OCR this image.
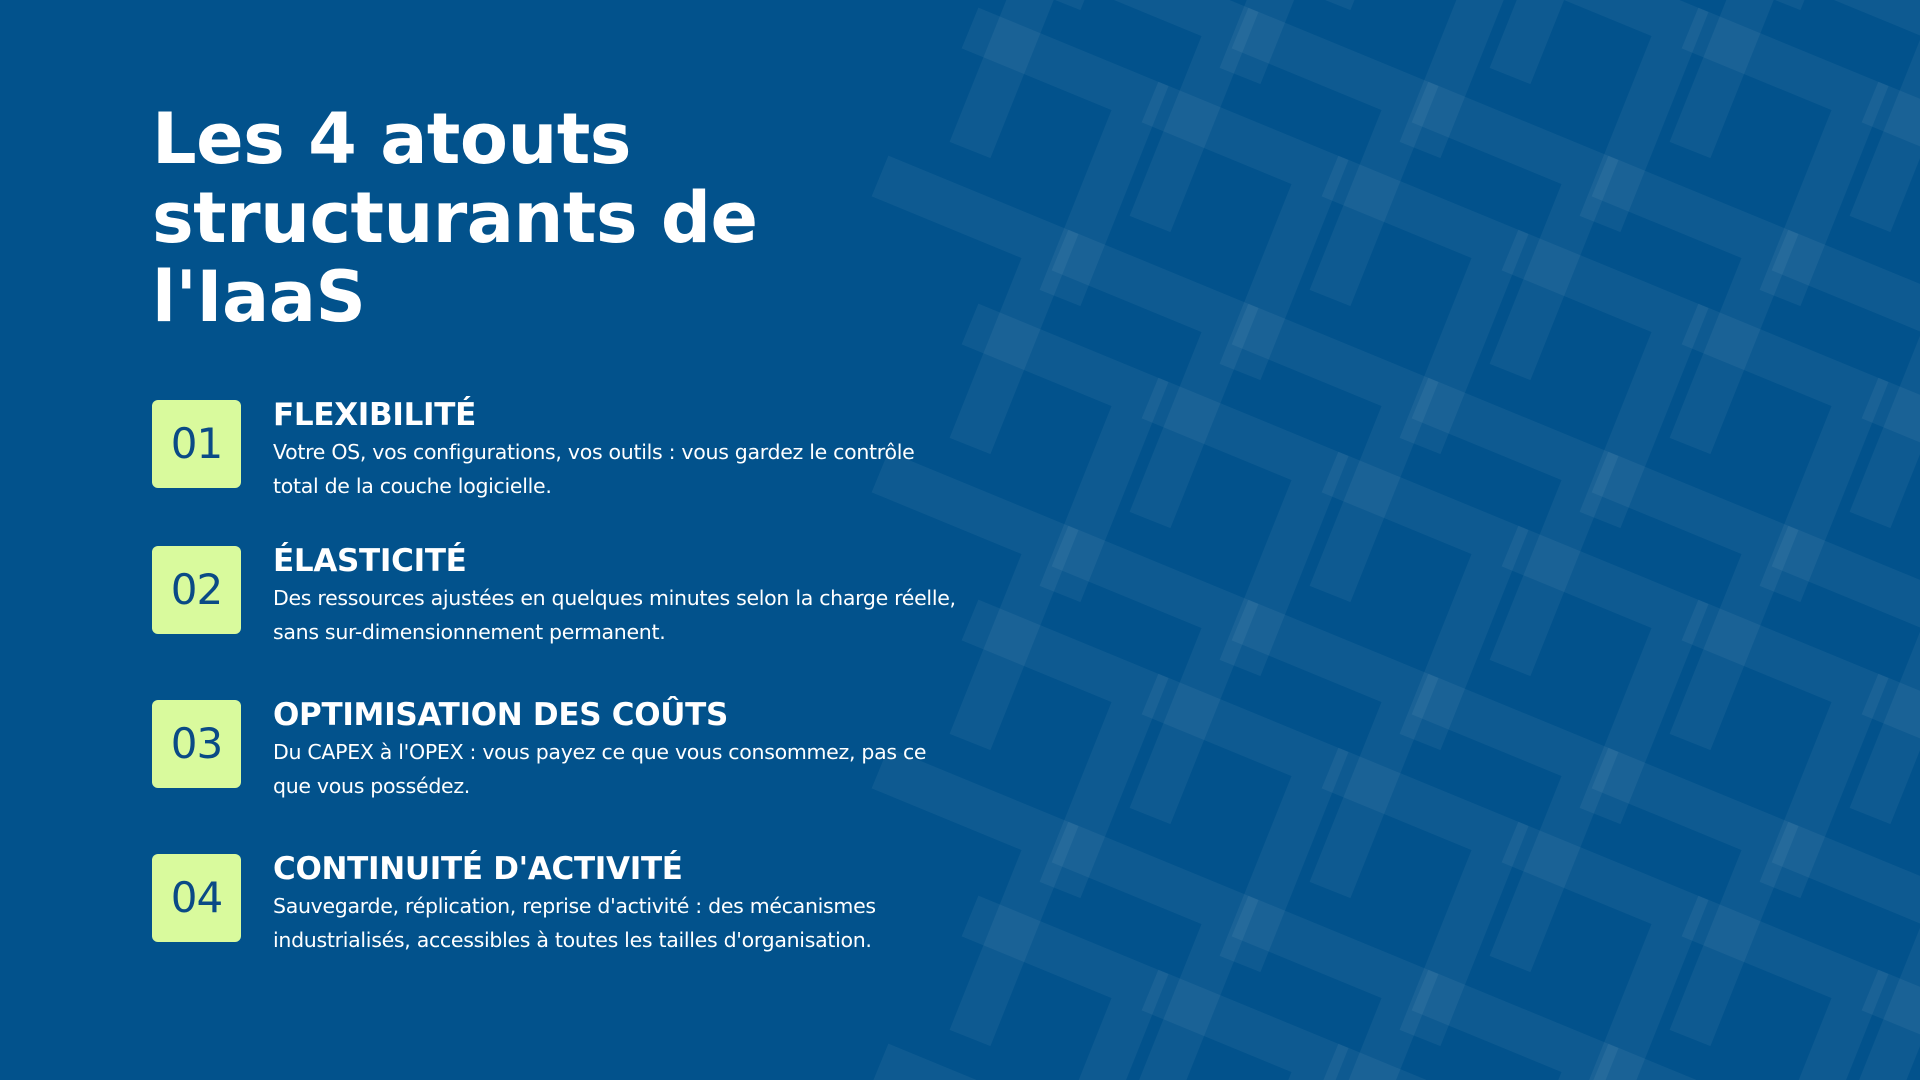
Les 4 atouts structurants de l'IaaS
01
FLEXIBILITÉ

Votre OS, vos configurations, vos outils : vous gardez le contrôle total de la couche logicielle.

02
ÉLASTICITÉ

Des ressources ajustées en quelques minutes selon la charge réelle, sans sur-dimensionnement permanent.

03
OPTIMISATION DES COÛTS

Du CAPEX à l'OPEX : vous payez ce que vous consommez, pas ce que vous possédez.

04
CONTINUITÉ D'ACTIVITÉ

Sauvegarde, réplication, reprise d'activité : des mécanismes industrialisés, accessibles à toutes les tailles d'organisation.
